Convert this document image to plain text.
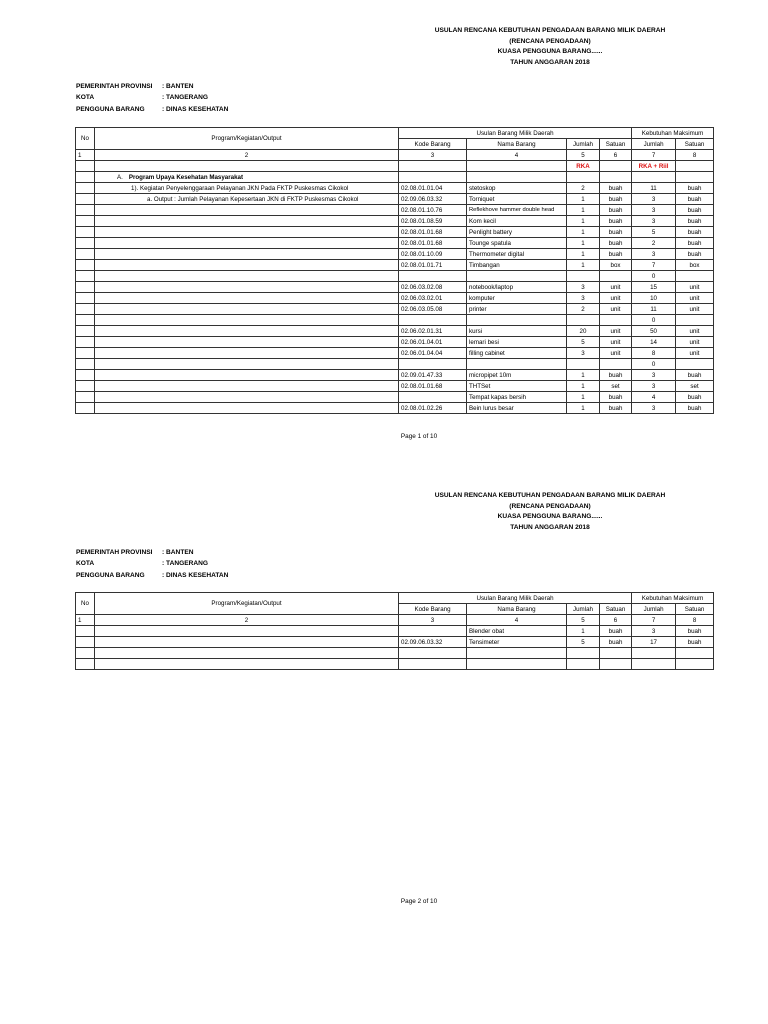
USULAN RENCANA KEBUTUHAN PENGADAAN BARANG MILIK DAERAH
(RENCANA PENGADAAN)
KUASA PENGGUNA BARANG......
TAHUN ANGGARAN 2018
PEMERINTAH PROVINSI	: BANTEN
KOTA	: TANGERANG
PENGGUNA BARANG	: DINAS KESEHATAN
No	Program/Kegiatan/Output	Usulan Barang Milik Daerah				Kebutuhan Maksimum	
		Kode Barang	Nama Barang	Jumlah	Satuan	Jumlah	Satuan
1	2	3	4	5	6	7	8
				RKA		RKA + Riil	
	A. Program Upaya Kesehatan Masyarakat						
	1). Kegiatan Penyelenggaraan Pelayanan JKN Pada FKTP Puskesmas Cikokol	02.08.01.01.04	stetoskop	2	buah	11	buah
	a. Output : Jumlah Pelayanan Kepesertaan JKN di FKTP Puskesmas Cikokol	02.09.06.03.32	Torniquet	1	buah	3	buah
		02.08.01.10.76	Reflekhove hammer double head	1	buah	3	buah
		02.08.01.08.59	Kom kecil	1	buah	3	buah
		02.08.01.01.68	Penlight battery	1	buah	5	buah
		02.08.01.01.68	Tounge spatula	1	buah	2	buah
		02.08.01.10.09	Thermometer digital	1	buah	3	buah
		02.08.01.01.71	Timbangan	1	box	7	box
						0	
		02.06.03.02.08	notebook/laptop	3	unit	15	unit
		02.06.03.02.01	komputer	3	unit	10	unit
		02.06.03.05.08	printer	2	unit	11	unit
						0	
		02.06.02.01.31	kursi	20	unit	50	unit
		02.06.01.04.01	lemari besi	5	unit	14	unit
		02.06.01.04.04	filling cabinet	3	unit	8	unit
						0	
		02.09.01.47.33	micropipet 10m	1	buah	3	buah
		02.08.01.01.68	THTSet	1	set	3	set
			Tempat kapas bersih	1	buah	4	buah
		02.08.01.02.26	Bein lurus besar	1	buah	3	buah
Page 1 of 10
USULAN RENCANA KEBUTUHAN PENGADAAN BARANG MILIK DAERAH
(RENCANA PENGADAAN)
KUASA PENGGUNA BARANG......
TAHUN ANGGARAN 2018
PEMERINTAH PROVINSI	: BANTEN
KOTA	: TANGERANG
PENGGUNA BARANG	: DINAS KESEHATAN
No	Program/Kegiatan/Output	Usulan Barang Milik Daerah				Kebutuhan Maksimum	
		Kode Barang	Nama Barang	Jumlah	Satuan	Jumlah	Satuan
1	2	3	4	5	6	7	8
			Blender obat	1	buah	3	buah
		02.09.06.03.32	Tensimeter	5	buah	17	buah

Page 2 of 10
